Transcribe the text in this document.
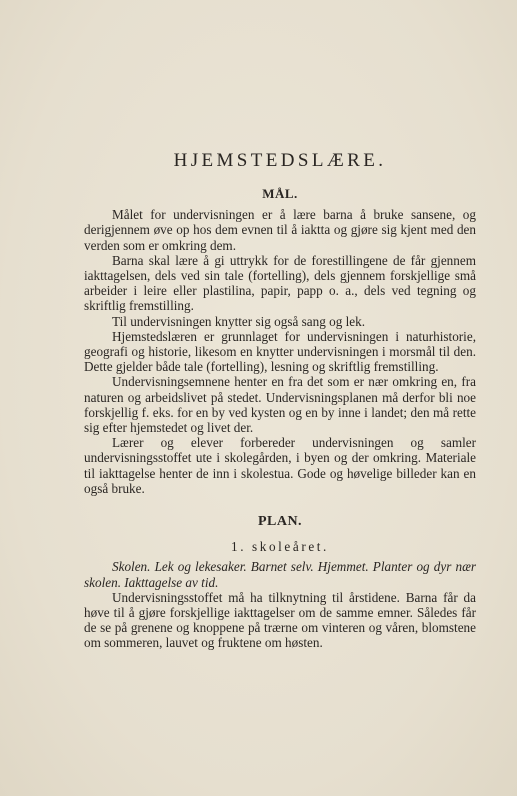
HJEMSTEDSLÆRE.
MÅL.

Målet for undervisningen er å lære barna å bruke sansene, og derigjennem øve op hos dem evnen til å iaktta og gjøre sig kjent med den verden som er omkring dem.

Barna skal lære å gi uttrykk for de forestillingene de får gjennem iakttagelsen, dels ved sin tale (fortelling), dels gjennem forskjellige små arbeider i leire eller plastilina, papir, papp o. a., dels ved tegning og skriftlig fremstilling.

Til undervisningen knytter sig også sang og lek.

Hjemstedslæren er grunnlaget for undervisningen i naturhistorie, geografi og historie, likesom en knytter undervisningen i morsmål til den. Dette gjelder både tale (fortelling), lesning og skriftlig fremstilling.

Undervisningsemnene henter en fra det som er nær omkring en, fra naturen og arbeidslivet på stedet. Undervisningsplanen må derfor bli noe forskjellig f. eks. for en by ved kysten og en by inne i landet; den må rette sig efter hjemstedet og livet der.

Lærer og elever forbereder undervisningen og samler undervisningsstoffet ute i skolegården, i byen og der omkring. Materiale til iakttagelse henter de inn i skolestua. Gode og høvelige billeder kan en også bruke.

PLAN.
1. skoleåret.

Skolen. Lek og lekesaker. Barnet selv. Hjemmet. Planter og dyr nær skolen. Iakttagelse av tid.

Undervisningsstoffet må ha tilknytning til årstidene. Barna får da høve til å gjøre forskjellige iakttagelser om de samme emner. Således får de se på grenene og knoppene på trærne om vinteren og våren, blomstene om sommeren, lauvet og fruktene om høsten.
